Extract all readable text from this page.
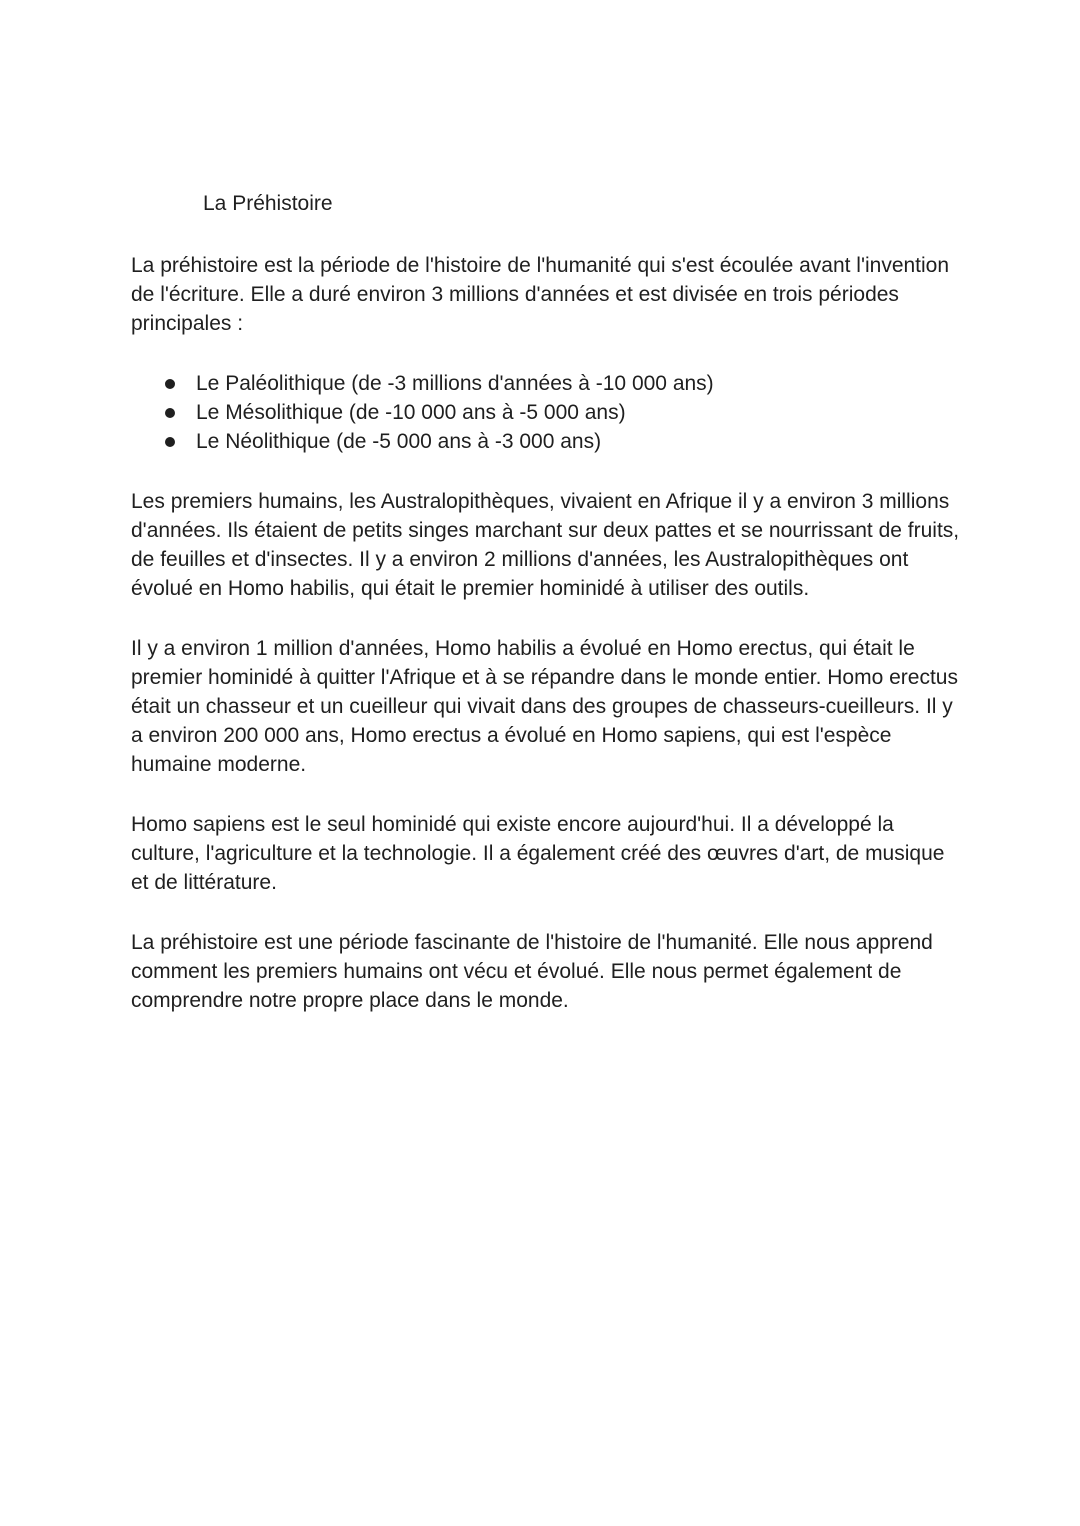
La Préhistoire

La préhistoire est la période de l'histoire de l'humanité qui s'est écoulée avant l'invention de l'écriture. Elle a duré environ 3 millions d'années et est divisée en trois périodes principales :

Le Paléolithique (de -3 millions d'années à -10 000 ans)
Le Mésolithique (de -10 000 ans à -5 000 ans)
Le Néolithique (de -5 000 ans à -3 000 ans)

Les premiers humains, les Australopithèques, vivaient en Afrique il y a environ 3 millions d'années. Ils étaient de petits singes marchant sur deux pattes et se nourrissant de fruits, de feuilles et d'insectes. Il y a environ 2 millions d'années, les Australopithèques ont évolué en Homo habilis, qui était le premier hominidé à utiliser des outils.

Il y a environ 1 million d'années, Homo habilis a évolué en Homo erectus, qui était le premier hominidé à quitter l'Afrique et à se répandre dans le monde entier. Homo erectus était un chasseur et un cueilleur qui vivait dans des groupes de chasseurs-cueilleurs. Il y a environ 200 000 ans, Homo erectus a évolué en Homo sapiens, qui est l'espèce humaine moderne.

Homo sapiens est le seul hominidé qui existe encore aujourd'hui. Il a développé la culture, l'agriculture et la technologie. Il a également créé des œuvres d'art, de musique et de littérature.

La préhistoire est une période fascinante de l'histoire de l'humanité. Elle nous apprend comment les premiers humains ont vécu et évolué. Elle nous permet également de comprendre notre propre place dans le monde.
